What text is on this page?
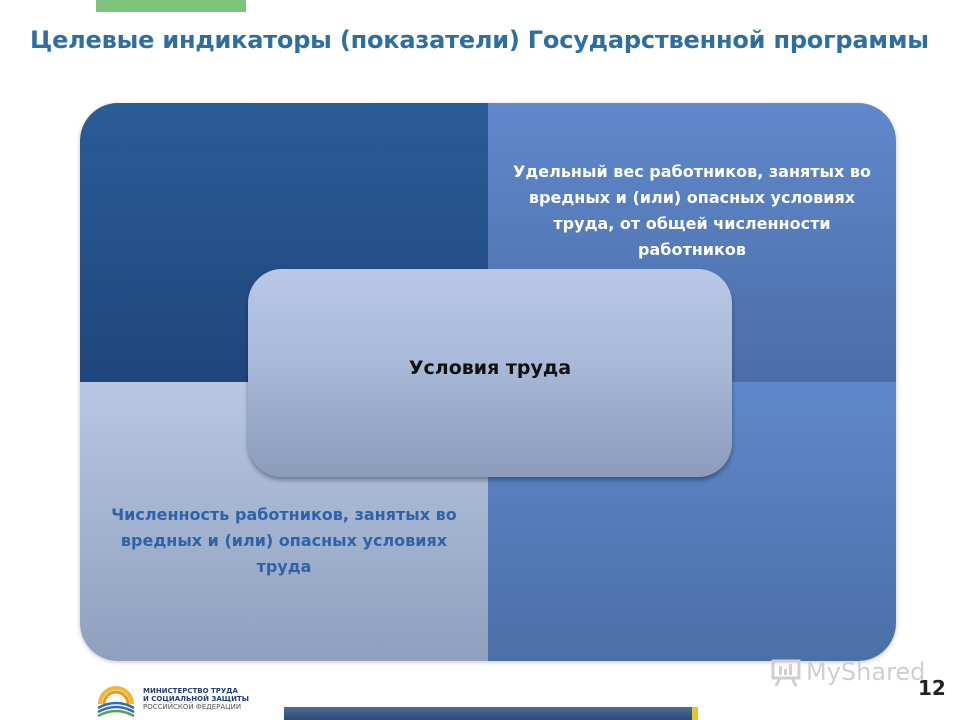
Целевые индикаторы (показатели) Государственной программы
Удельный вес работников, занятых во вредных и (или) опасных условиях труда, от общей численности работников
Численность работников, занятых во вредных и (или) опасных условиях труда
Условия труда
MyShared
12
МИНИСТЕРСТВО ТРУДА
И СОЦИАЛЬНОЙ ЗАЩИТЫ
РОССИЙСКОЙ ФЕДЕРАЦИИ
